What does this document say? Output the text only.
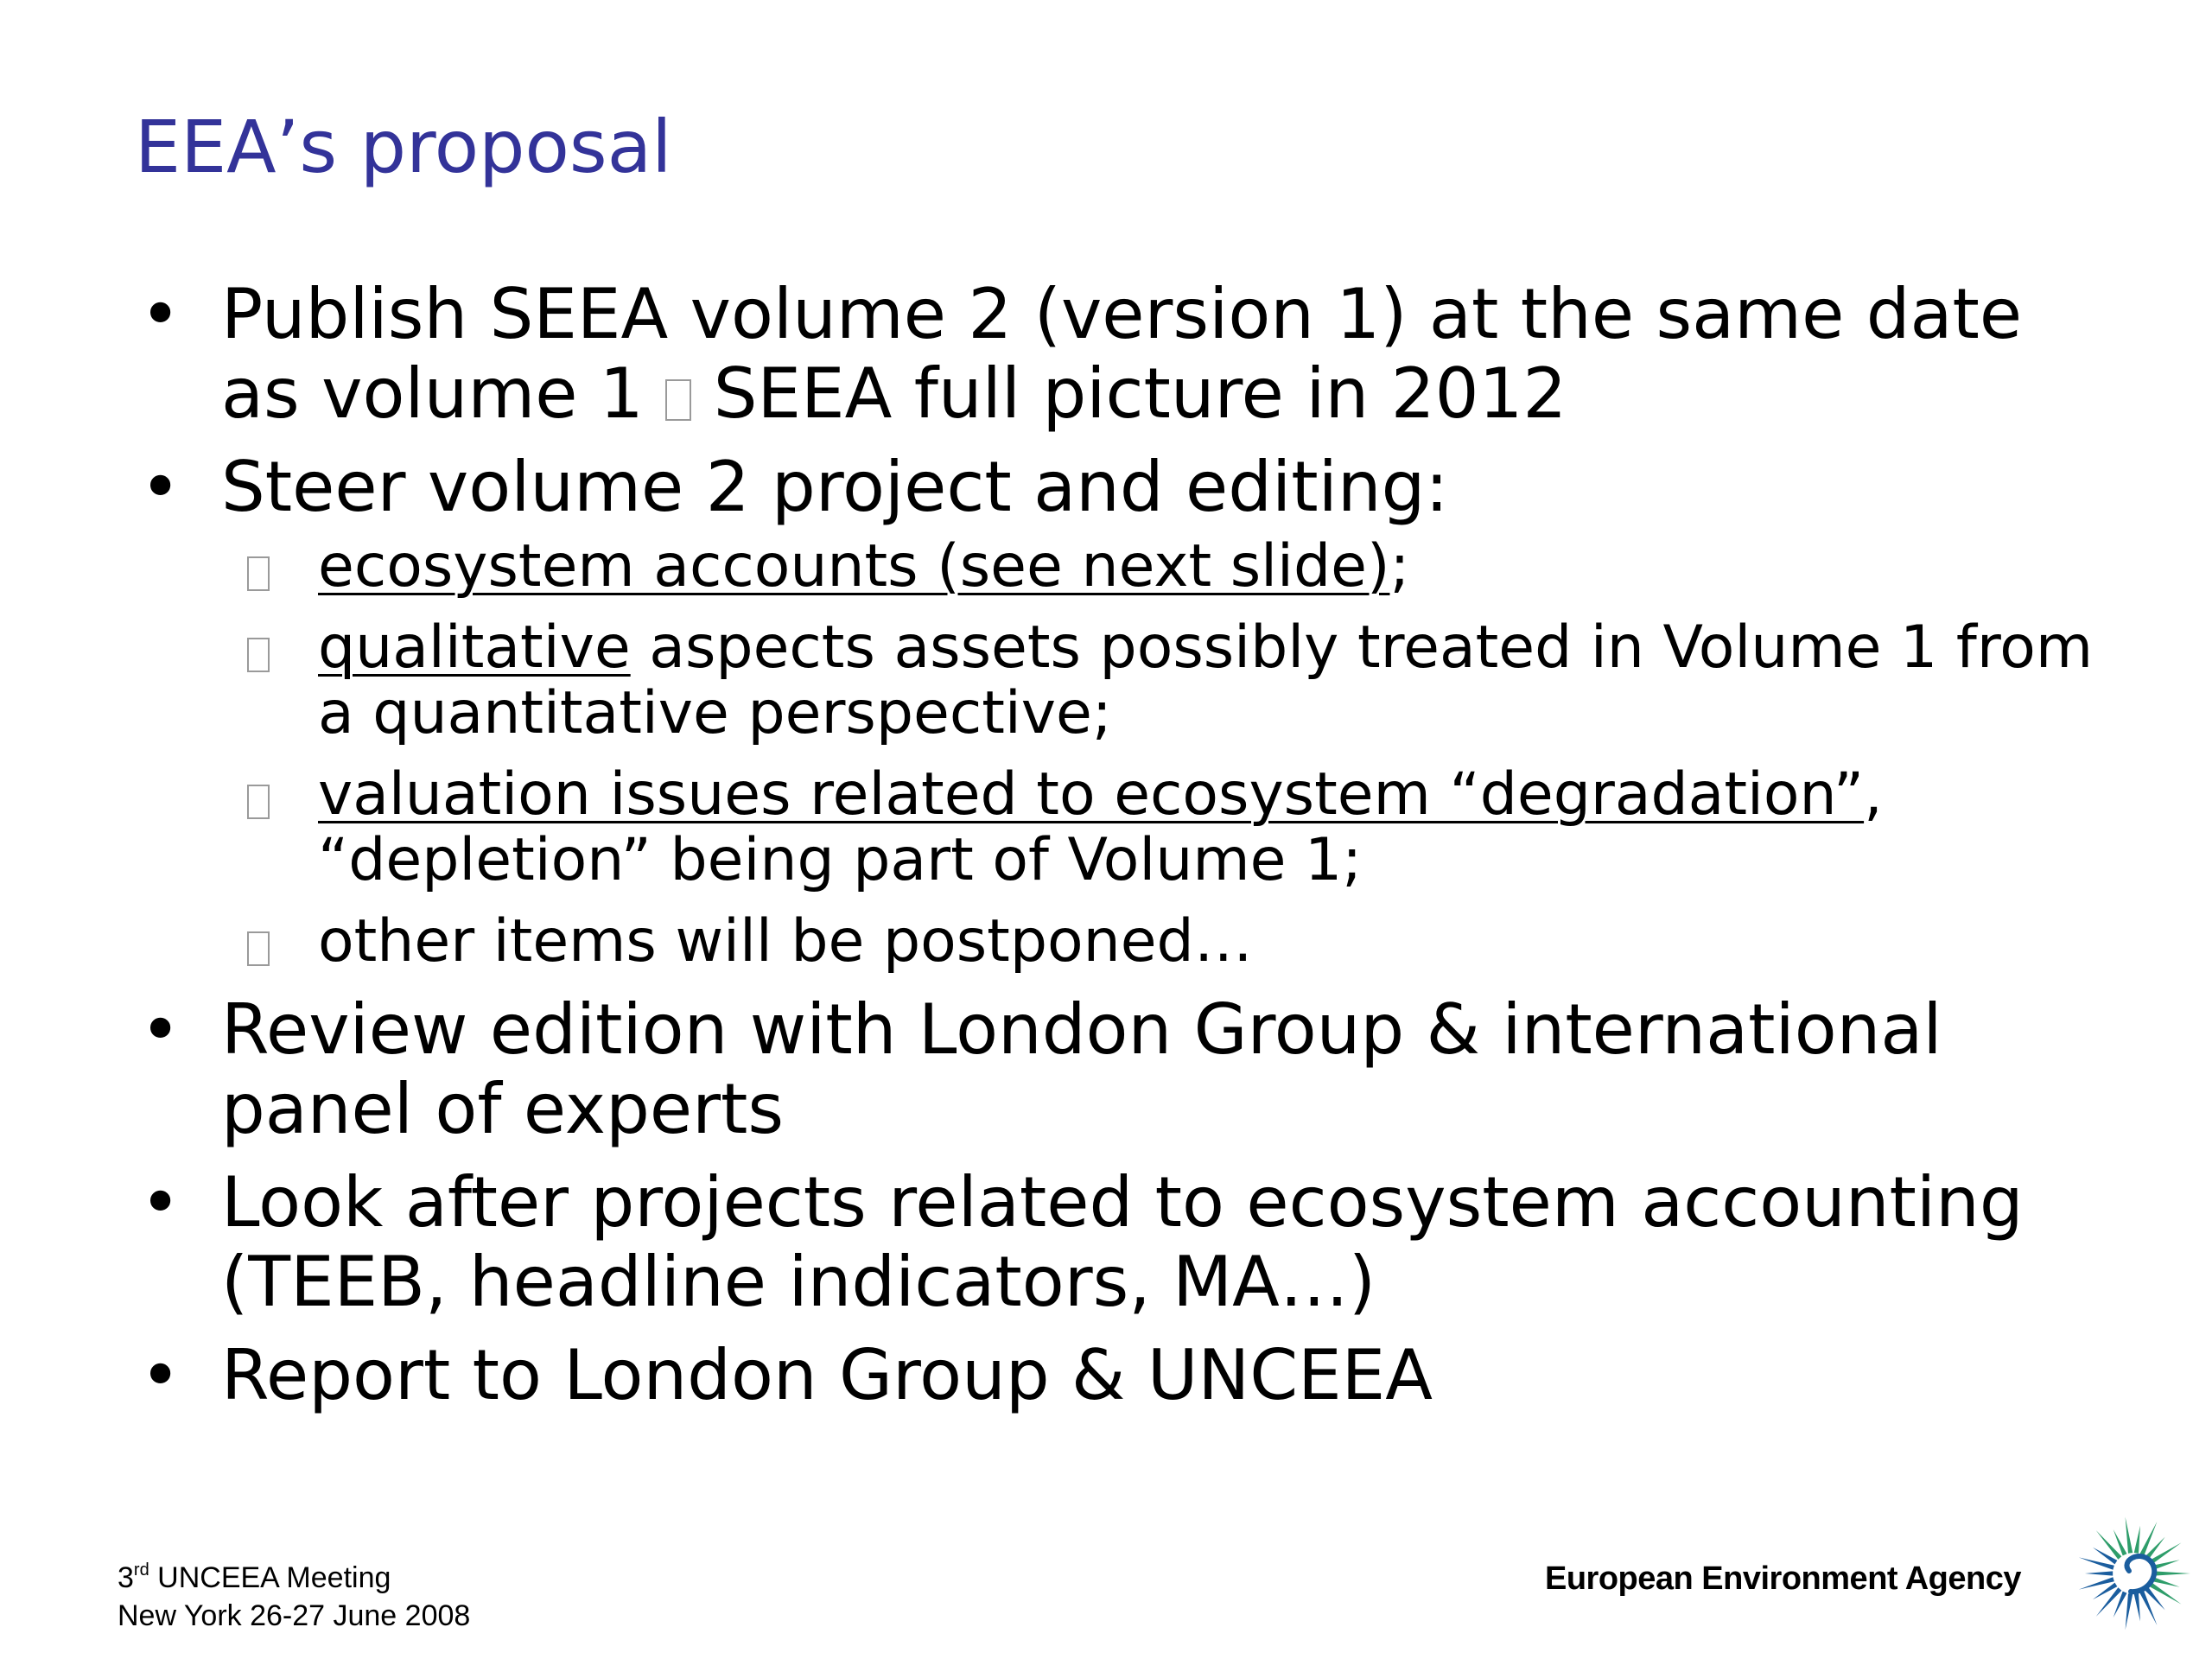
EEA’s proposal
• Publish SEEA volume 2 (version 1) at the same date as volume 1 SEEA full picture in 2012
• Steer volume 2 project and editing:
ecosystem accounts (see next slide);
qualitative aspects assets possibly treated in Volume 1 from a quantitative perspective;
valuation issues related to ecosystem “degradation”, “depletion” being part of Volume 1;
other items will be postponed…
• Review edition with London Group & international panel of experts
• Look after projects related to ecosystem accounting (TEEB, headline indicators, MA…)
• Report to London Group & UNCEEA
3rd UNCEEA Meeting
New York 26-27 June 2008
European Environment Agency
